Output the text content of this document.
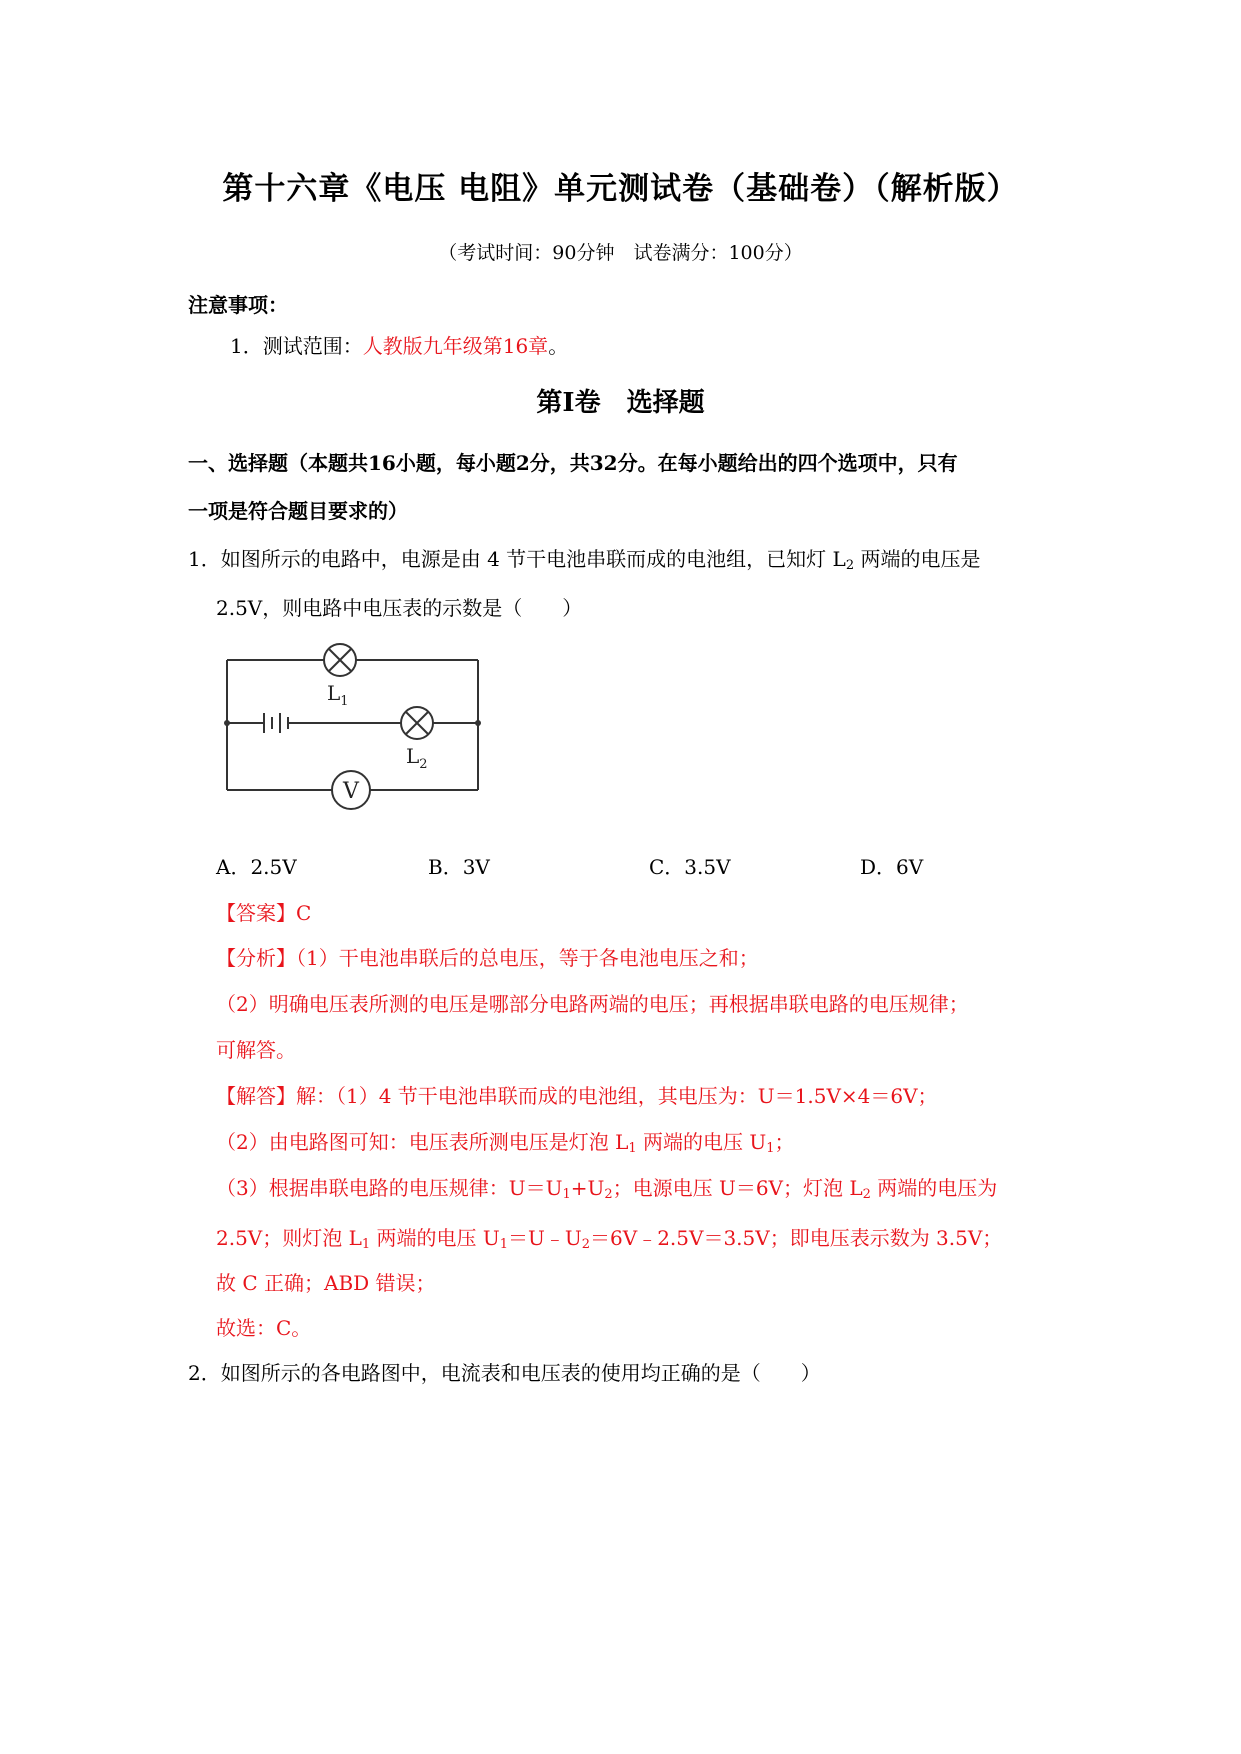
第十六章《电压 电阻》单元测试卷（基础卷）（解析版）
（考试时间：90分钟　试卷满分：100分）
注意事项：
1．测试范围：人教版九年级第16章。
第Ⅰ卷　选择题
一、选择题（本题共16小题，每小题2分，共32分。在每小题给出的四个选项中，只有
一项是符合题目要求的）
1．如图所示的电路中，电源是由 4 节干电池串联而成的电池组，已知灯 $L_2$ 两端的电压是
2.5V，则电路中电压表的示数是（　　）
V
$L_1$
$L_2$
A．2.5V	B．3V	C．3.5V	D．6V
【答案】C
【分析】（1）干电池串联后的总电压，等于各电池电压之和；
（2）明确电压表所测的电压是哪部分电路两端的电压；再根据串联电路的电压规律；
可解答。
【解答】解：（1）4 节干电池串联而成的电池组，其电压为：U＝1.5V×4＝6V；
（2）由电路图可知：电压表所测电压是灯泡 $L_1$ 两端的电压 $U_1$；
（3）根据串联电路的电压规律：$U=U_1+U_2$；电源电压 U＝6V；灯泡 $L_2$ 两端的电压为
2.5V；则灯泡 $L_1$ 两端的电压 $U_1=U﹣U_2=6V﹣2.5V=3.5V$；即电压表示数为 3.5V；
故 C 正确；ABD 错误；
故选：C。
2．如图所示的各电路图中，电流表和电压表的使用均正确的是（　　）
